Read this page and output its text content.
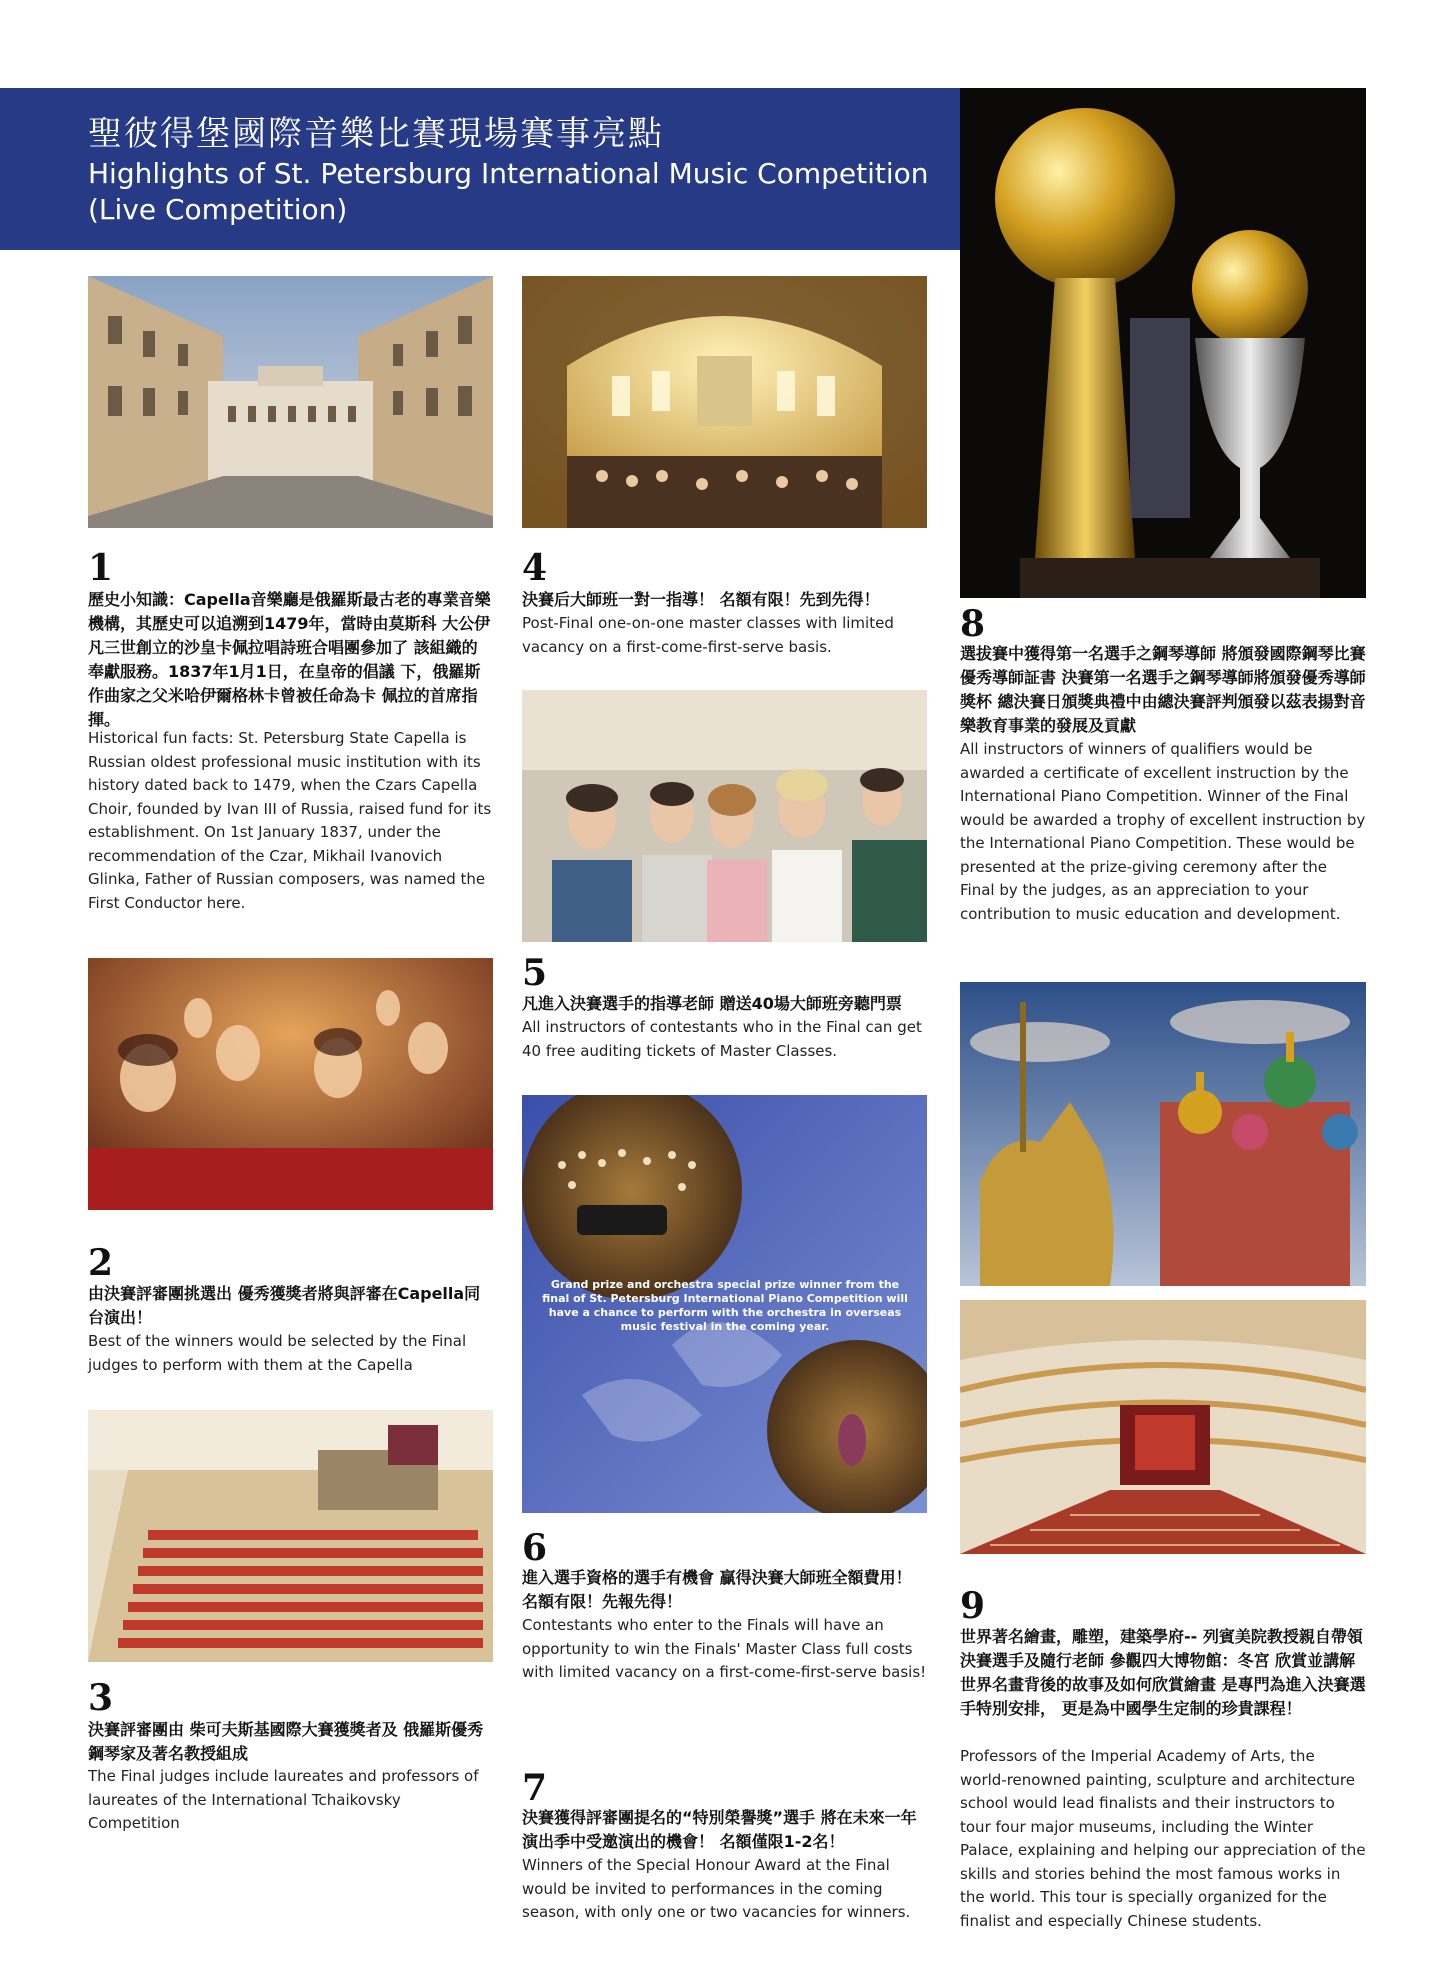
聖彼得堡國際音樂比賽現場賽事亮點
Highlights of St. Petersburg International Music Competition
(Live Competition)
1
歷史小知識：Capella音樂廳是俄羅斯最古老的專業音樂機構，其歷史可以追溯到1479年，當時由莫斯科 大公伊凡三世創立的沙皇卡佩拉唱詩班合唱團參加了 該組織的奉獻服務。1837年1月1日，在皇帝的倡議 下，俄羅斯作曲家之父米哈伊爾格林卡曾被任命為卡 佩拉的首席指揮。
Historical fun facts: St. Petersburg State Capella is Russian oldest professional music institution with its history dated back to 1479, when the Czars Capella Choir, founded by Ivan III of Russia, raised fund for its establishment. On 1st January 1837, under the recommendation of the Czar, Mikhail Ivanovich Glinka, Father of Russian composers, was named the First Conductor here.
2
由決賽評審團挑選出 優秀獲獎者將與評審在Capella同台演出！
Best of the winners would be selected by the Final judges to perform with them at the Capella
3
決賽評審團由 柴可夫斯基國際大賽獲獎者及 俄羅斯優秀鋼琴家及著名教授組成
The Final judges include laureates and professors of laureates of the International Tchaikovsky Competition
4
決賽后大師班一對一指導！ 名額有限！先到先得！
Post-Final one-on-one master classes with limited vacancy on a first-come-first-serve basis.
5
凡進入決賽選手的指導老師 贈送40場大師班旁聽門票
All instructors of contestants who in the Final can get 40 free auditing tickets of Master Classes.
Grand prize and orchestra special prize winner from the final of St. Petersburg International Piano Competition will have a chance to perform with the orchestra in overseas music festival in the coming year.
6
進入選手資格的選手有機會 贏得決賽大師班全額費用！ 名額有限！先報先得！
Contestants who enter to the Finals will have an opportunity to win the Finals' Master Class full costs with limited vacancy on a first-come-first-serve basis!
7
決賽獲得評審團提名的“特別榮譽獎”選手 將在未來一年演出季中受邀演出的機會！ 名額僅限1-2名！
Winners of the Special Honour Award at the Final would be invited to performances in the coming season, with only one or two vacancies for winners.
8
選拔賽中獲得第一名選手之鋼琴導師 將頒發國際鋼琴比賽優秀導師証書 決賽第一名選手之鋼琴導師將頒發優秀導師獎杯 總決賽日頒獎典禮中由總決賽評判頒發以茲表揚對音樂教育事業的發展及貢獻
All instructors of winners of qualifiers would be awarded a certificate of excellent instruction by the International Piano Competition. Winner of the Final would be awarded a trophy of excellent instruction by the International Piano Competition. These would be presented at the prize-giving ceremony after the Final by the judges, as an appreciation to your contribution to music education and development.
9
世界著名繪畫，雕塑，建築學府-- 列賓美院教授親自帶領決賽選手及隨行老師 參觀四大博物館：冬宮 欣賞並講解世界名畫背後的故事及如何欣賞繪畫 是專門為進入決賽選手特別安排， 更是為中國學生定制的珍貴課程！
Professors of the Imperial Academy of Arts, the world-renowned painting, sculpture and architecture school would lead finalists and their instructors to tour four major museums, including the Winter Palace, explaining and helping our appreciation of the skills and stories behind the most famous works in the world. This tour is specially organized for the finalist and especially Chinese students.
